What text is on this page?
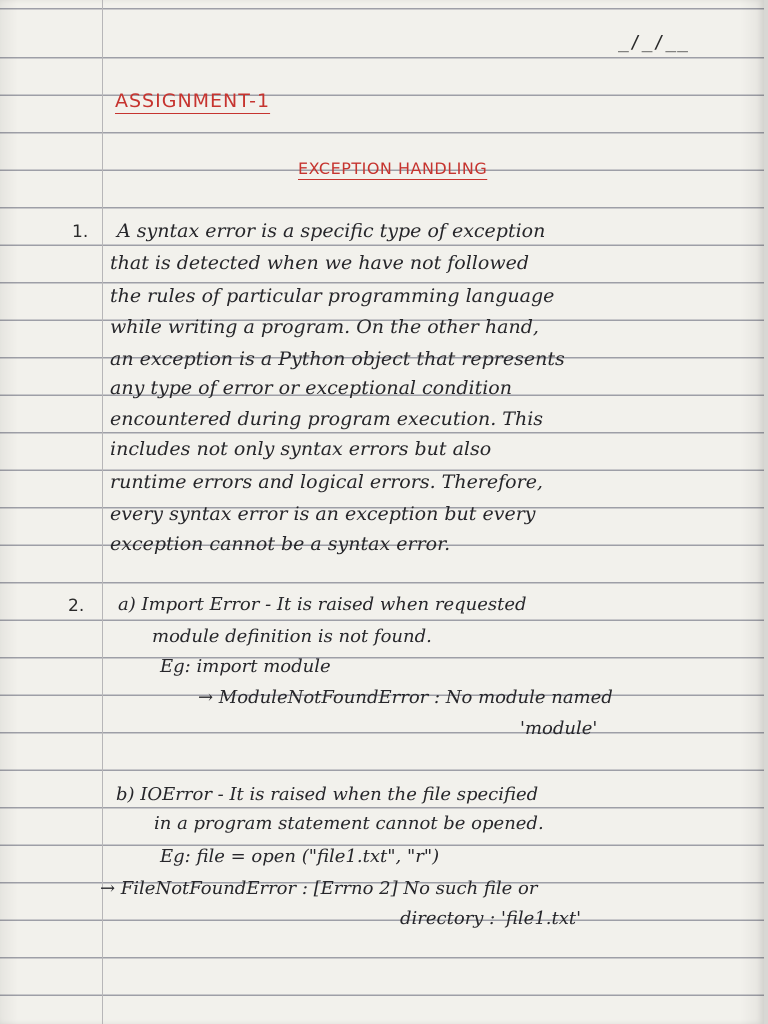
_/_/__
ASSIGNMENT-1
EXCEPTION HANDLING
1. A syntax error is a specific type of exception
that is detected when we have not followed
the rules of particular programming language
while writing a program. On the other hand,
an exception is a Python object that represents
any type of error or exceptional condition
encountered during program execution. This
includes not only syntax errors but also
runtime errors and logical errors. Therefore,
every syntax error is an exception but every
exception cannot be a syntax error.
2. a) Import Error - It is raised when requested
module definition is not found.
Eg: import module
→ ModuleNotFoundError : No module named
'module'
b) IOError - It is raised when the file specified
in a program statement cannot be opened.
Eg: file = open ("file1.txt", "r")
→ FileNotFoundError : [Errno 2] No such file or
directory : 'file1.txt'
